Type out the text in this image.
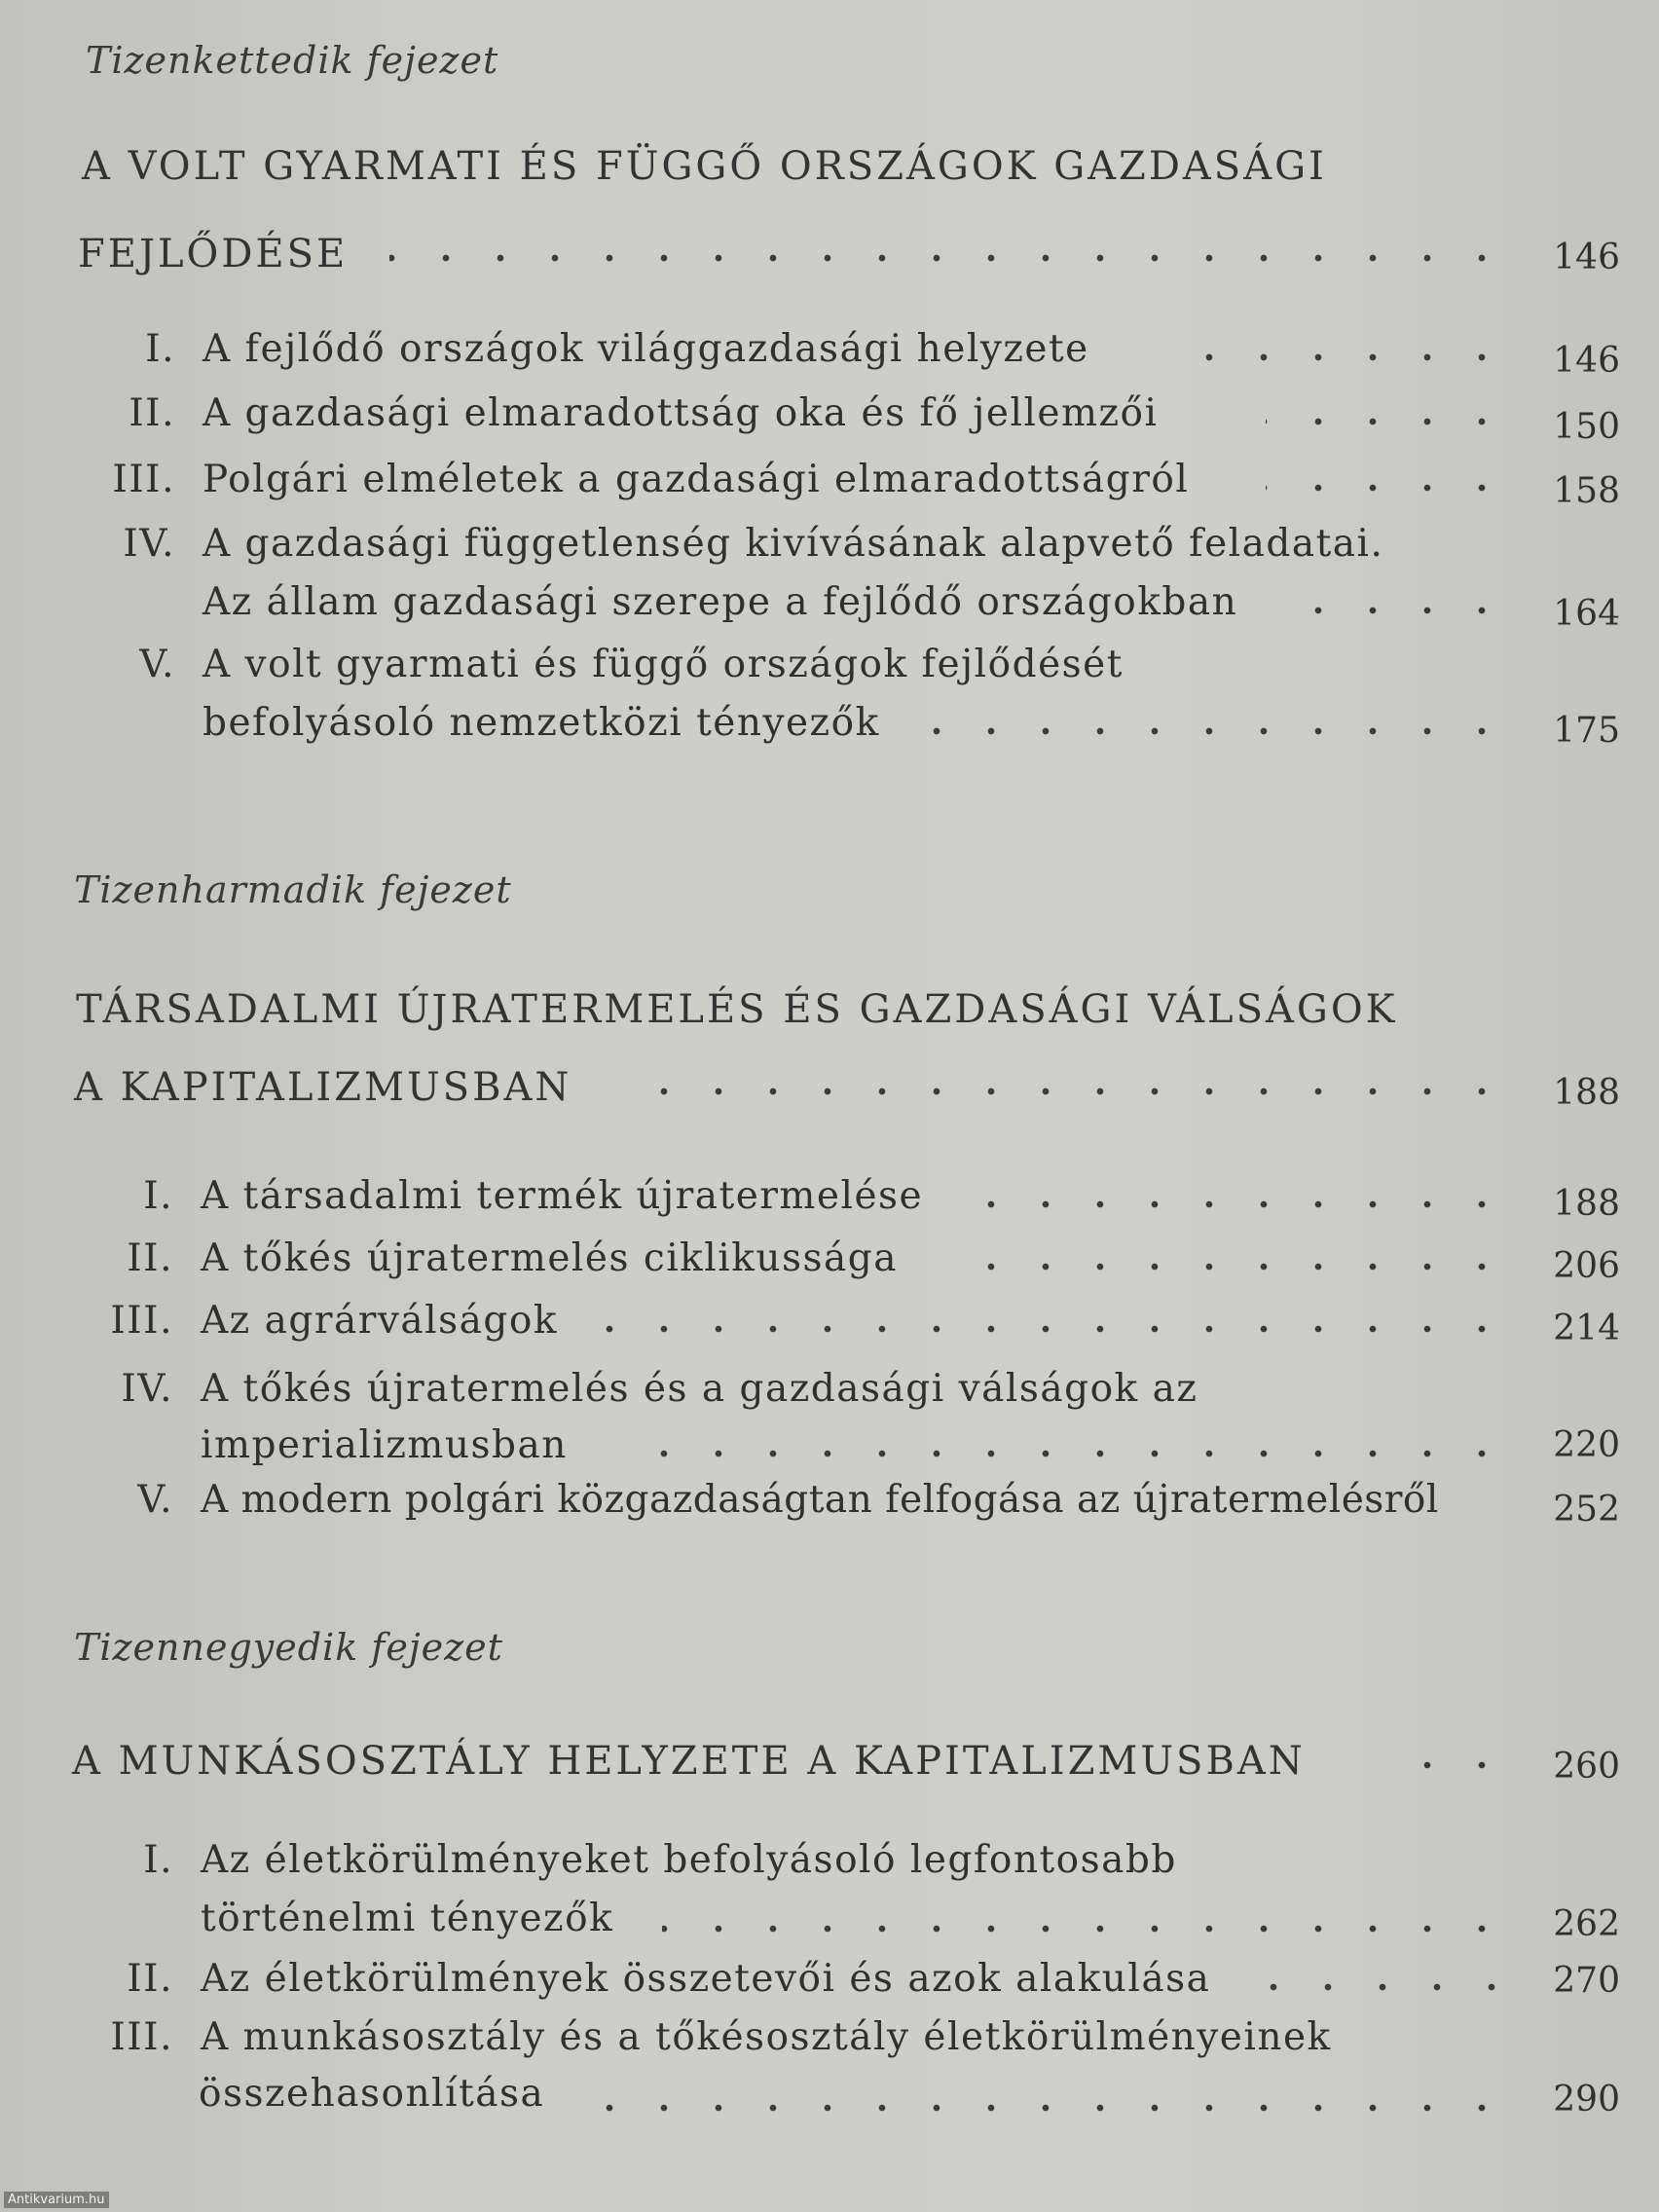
Tizenkettedik fejezet
A VOLT GYARMATI ÉS FÜGGŐ ORSZÁGOK GAZDASÁGI
FEJLŐDÉSE	146
I. A fejlődő országok világgazdasági helyzete	146
II. A gazdasági elmaradottság oka és fő jellemzői	150
III. Polgári elméletek a gazdasági elmaradottságról	158
IV. A gazdasági függetlenség kivívásának alapvető feladatai.
Az állam gazdasági szerepe a fejlődő országokban	164
V. A volt gyarmati és függő országok fejlődését
befolyásoló nemzetközi tényezők	175
Tizenharmadik fejezet
TÁRSADALMI ÚJRATERMELÉS ÉS GAZDASÁGI VÁLSÁGOK
A KAPITALIZMUSBAN	188
I. A társadalmi termék újratermelése	188
II. A tőkés újratermelés ciklikussága	206
III. Az agrárválságok	214
IV. A tőkés újratermelés és a gazdasági válságok az
imperializmusban	220
V. A modern polgári közgazdaságtan felfogása az újratermelésről	252
Tizennegyedik fejezet
A MUNKÁSOSZTÁLY HELYZETE A KAPITALIZMUSBAN	260
I. Az életkörülményeket befolyásoló legfontosabb
történelmi tényezők	262
II. Az életkörülmények összetevői és azok alakulása	270
III. A munkásosztály és a tőkésosztály életkörülményeinek
összehasonlítása	290
Antikvarium.hu
